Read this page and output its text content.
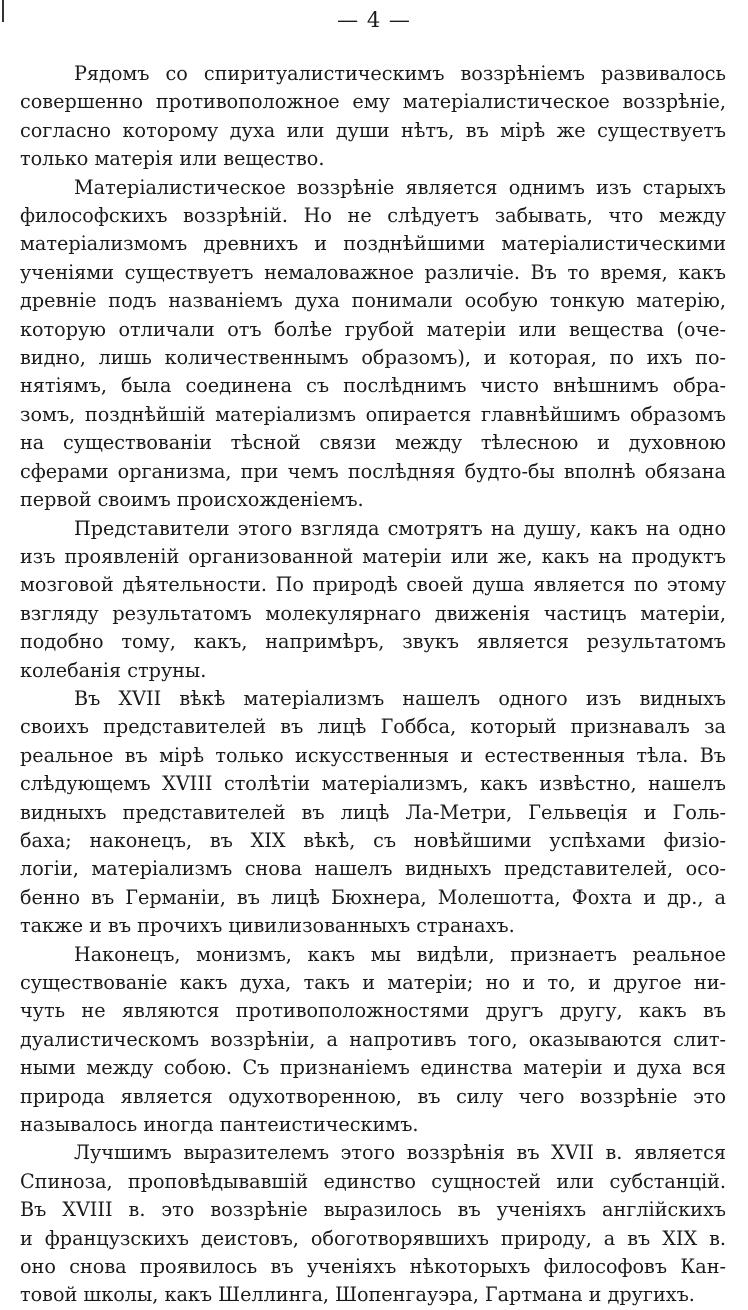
— 4 —

Рядомъ со спиритуалистическимъ воззрѣніемъ развивалось
совершенно противоположное ему матеріалистическое воззрѣніе,
согласно которому духа или души нѣтъ, въ мірѣ же существуетъ
только матерія или вещество.

Матеріалистическое воззрѣніе является однимъ изъ старыхъ
философскихъ воззрѣній. Но не слѣдуетъ забывать, что между
матеріализмомъ древнихъ и позднѣйшими матеріалистическими
ученіями существуетъ немаловажное различіе. Въ то время, какъ
древніе подъ названіемъ духа понимали особую тонкую матерію,
которую отличали отъ болѣе грубой матеріи или вещества (оче-
видно, лишь количественнымъ образомъ), и которая, по ихъ по-
нятіямъ, была соединена съ послѣднимъ чисто внѣшнимъ обра-
зомъ, позднѣйшій матеріализмъ опирается главнѣйшимъ образомъ
на существованіи тѣсной связи между тѣлесною и духовною
сферами организма, при чемъ послѣдняя будто-бы вполнѣ обязана
первой своимъ происхожденіемъ.

Представители этого взгляда смотрятъ на душу, какъ на одно
изъ проявленій организованной матеріи или же, какъ на продуктъ
мозговой дѣятельности. По природѣ своей душа является по этому
взгляду результатомъ молекулярнаго движенія частицъ матеріи,
подобно тому, какъ, напримѣръ, звукъ является результатомъ
колебанія струны.

Въ XVII вѣкѣ матеріализмъ нашелъ одного изъ видныхъ
своихъ представителей въ лицѣ Гоббса, который признавалъ за
реальное въ мірѣ только искусственныя и естественныя тѣла. Въ
слѣдующемъ XVIII столѣтіи матеріализмъ, какъ извѣстно, нашелъ
видныхъ представителей въ лицѣ Ла-Метри, Гельвеція и Голь-
баха; наконецъ, въ XIX вѣкѣ, съ новѣйшими успѣхами физіо-
логіи, матеріализмъ снова нашелъ видныхъ представителей, осо-
бенно въ Германіи, въ лицѣ Бюхнера, Молешотта, Фохта и др., а
также и въ прочихъ цивилизованныхъ странахъ.

Наконецъ, монизмъ, какъ мы видѣли, признаетъ реальное
существованіе какъ духа, такъ и матеріи; но и то, и другое ни-
чуть не являются противоположностями другъ другу, какъ въ
дуалистическомъ воззрѣніи, а напротивъ того, оказываются слит-
ными между собою. Съ признаніемъ единства матеріи и духа вся
природа является одухотворенною, въ силу чего воззрѣніе это
называлось иногда пантеистическимъ.

Лучшимъ выразителемъ этого воззрѣнія въ XVII в. является
Спиноза, проповѣдывавшій единство сущностей или субстанцій.
Въ XVIII в. это воззрѣніе выразилось въ ученіяхъ англійскихъ
и французскихъ деистовъ, обоготворявшихъ природу, а въ XIX в.
оно снова проявилось въ ученіяхъ нѣкоторыхъ философовъ Кан-
товой школы, какъ Шеллинга, Шопенгауэра, Гартмана и другихъ.
